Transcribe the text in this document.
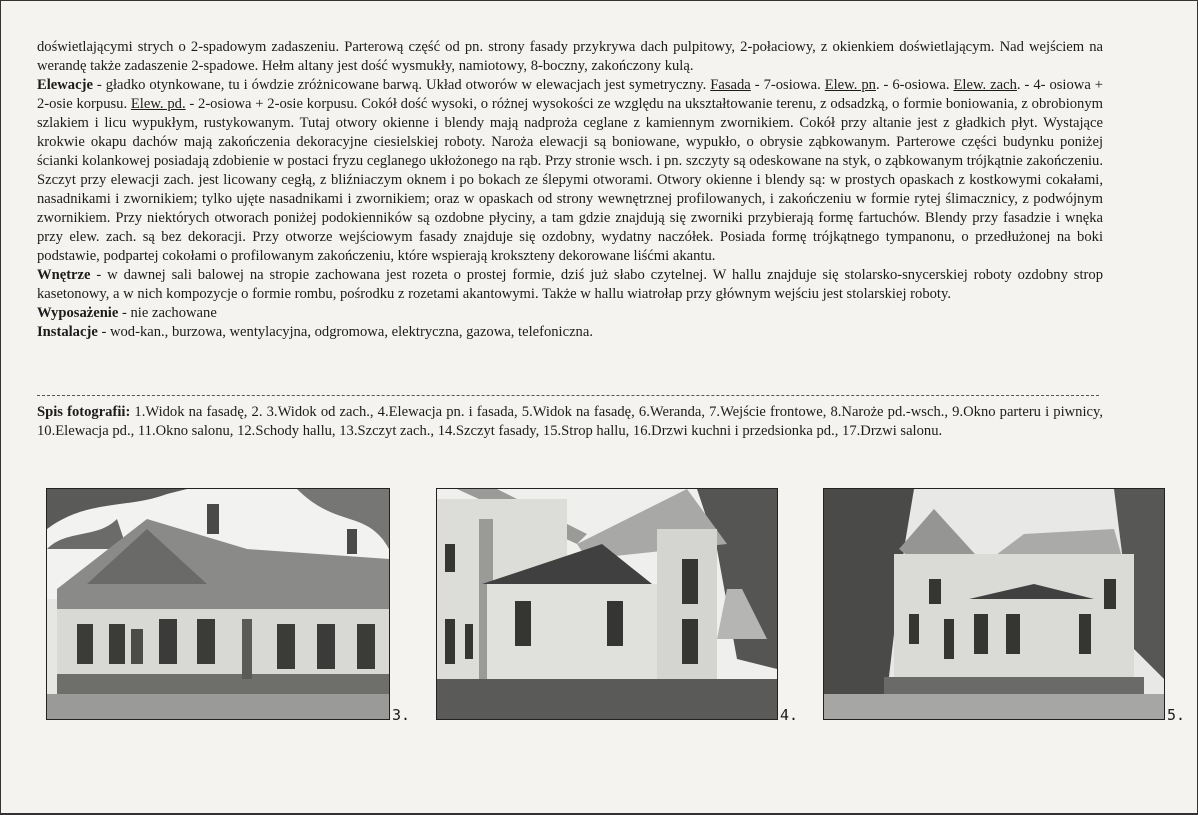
doświetlającymi strych o 2-spadowym zadaszeniu. Parterową część od pn. strony fasady przykrywa dach pulpitowy, 2-połaciowy, z okienkiem doświetlającym. Nad wejściem na werandę także zadaszenie 2-spadowe. Hełm altany jest dość wysmukły, namiotowy, 8-boczny, zakończony kulą.

Elewacje - gładko otynkowane, tu i ówdzie zróżnicowane barwą. Układ otworów w elewacjach jest symetryczny. Fasada - 7-osiowa. Elew. pn. - 6-osiowa. Elew. zach. - 4- osiowa + 2-osie korpusu. Elew. pd. - 2-osiowa + 2-osie korpusu. Cokół dość wysoki, o różnej wysokości ze względu na ukształtowanie terenu, z odsadzką, o formie boniowania, z obrobionym szlakiem i licu wypukłym, rustykowanym. Tutaj otwory okienne i blendy mają nadproża ceglane z kamiennym zwornikiem. Cokół przy altanie jest z gładkich płyt. Wystające krokwie okapu dachów mają zakończenia dekoracyjne ciesielskiej roboty. Naroża elewacji są boniowane, wypukło, o obrysie ząbkowanym. Parterowe części budynku poniżej ścianki kolankowej posiadają zdobienie w postaci fryzu ceglanego ukłożonego na rąb. Przy stronie wsch. i pn. szczyty są odeskowane na styk, o ząbkowanym trójkątnie zakończeniu. Szczyt przy elewacji zach. jest licowany cegłą, z bliźniaczym oknem i po bokach ze ślepymi otworami. Otwory okienne i blendy są: w prostych opaskach z kostkowymi cokałami, nasadnikami i zwornikiem; tylko ujęte nasadnikami i zwornikiem; oraz w opaskach od strony wewnętrznej profilowanych, i zakończeniu w formie rytej ślimacznicy, z podwójnym zwornikiem. Przy niektórych otworach poniżej podokienników są ozdobne płyciny, a tam gdzie znajdują się zworniki przybierają formę fartuchów. Blendy przy fasadzie i wnęka przy elew. zach. są bez dekoracji. Przy otworze wejściowym fasady znajduje się ozdobny, wydatny naczółek. Posiada formę trójkątnego tympanonu, o przedłużonej na boki podstawie, podpartej cokołami o profilowanym zakończeniu, które wspierają krokszteny dekorowane liśćmi akantu.

Wnętrze - w dawnej sali balowej na stropie zachowana jest rozeta o prostej formie, dziś już słabo czytelnej. W hallu znajduje się stolarsko-snycerskiej roboty ozdobny strop kasetonowy, a w nich kompozycje o formie rombu, pośrodku z rozetami akantowymi. Także w hallu wiatrołap przy głównym wejściu jest stolarskiej roboty.

Wyposażenie - nie zachowane

Instalacje - wod-kan., burzowa, wentylacyjna, odgromowa, elektryczna, gazowa, telefoniczna.

Spis fotografii: 1.Widok na fasadę, 2. 3.Widok od zach., 4.Elewacja pn. i fasada, 5.Widok na fasadę, 6.Weranda, 7.Wejście frontowe, 8.Naroże pd.-wsch., 9.Okno parteru i piwnicy, 10.Elewacja pd., 11.Okno salonu, 12.Schody hallu, 13.Szczyt zach., 14.Szczyt fasady, 15.Strop hallu, 16.Drzwi kuchni i przedsionka pd., 17.Drzwi salonu.
3.	4.	5.
